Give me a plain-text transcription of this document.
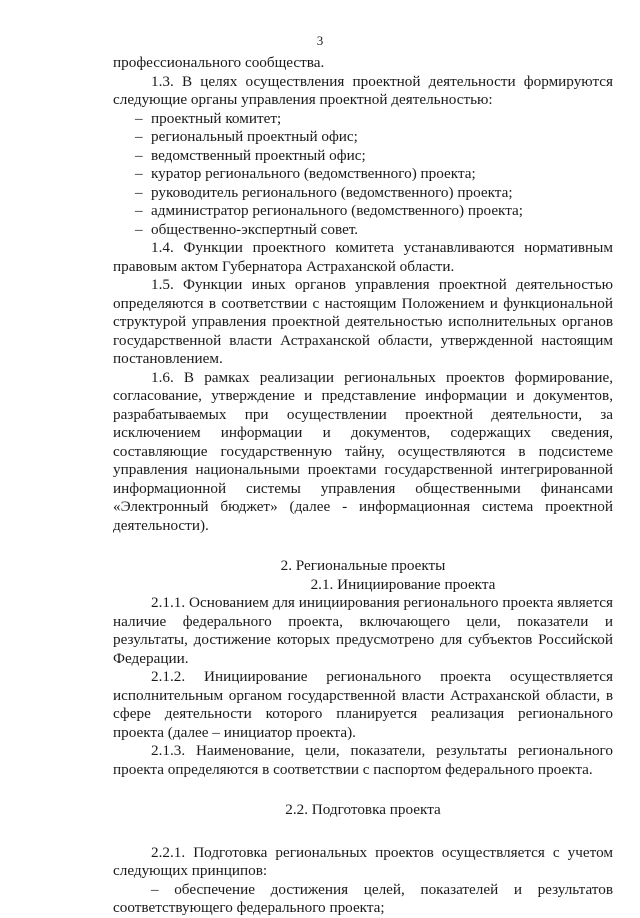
3

профессионального сообщества.

1.3. В целях осуществления проектной деятельности формируются следующие органы управления проектной деятельностью:

– проектный комитет;

– региональный проектный офис;

– ведомственный проектный офис;

– куратор регионального (ведомственного) проекта;

– руководитель регионального (ведомственного) проекта;

– администратор регионального (ведомственного) проекта;

– общественно-экспертный совет.

1.4. Функции проектного комитета устанавливаются нормативным правовым актом Губернатора Астраханской области.

1.5. Функции иных органов управления проектной деятельностью определяются в соответствии с настоящим Положением и функциональной структурой управления проектной деятельностью исполнительных органов государственной власти Астраханской области, утвержденной настоящим постановлением.

1.6. В рамках реализации региональных проектов формирование, согласование, утверждение и представление информации и документов, разрабатываемых при осуществлении проектной деятельности, за исключением информации и документов, содержащих сведения, составляющие государственную тайну, осуществляются в подсистеме управления национальными проектами государственной интегрированной информационной системы управления общественными финансами «Электронный бюджет» (далее - информационная система проектной деятельности).

2. Региональные проекты

2.1. Инициирование проекта

2.1.1. Основанием для инициирования регионального проекта является наличие федерального проекта, включающего цели, показатели и результаты, достижение которых предусмотрено для субъектов Российской Федерации.

2.1.2. Инициирование регионального проекта осуществляется исполнительным органом государственной власти Астраханской области, в сфере деятельности которого планируется реализация регионального проекта (далее – инициатор проекта).

2.1.3. Наименование, цели, показатели, результаты регионального проекта определяются в соответствии с паспортом федерального проекта.

2.2. Подготовка проекта

2.2.1. Подготовка региональных проектов осуществляется с учетом следующих принципов:

– обеспечение достижения целей, показателей и результатов соответствующего федерального проекта;
